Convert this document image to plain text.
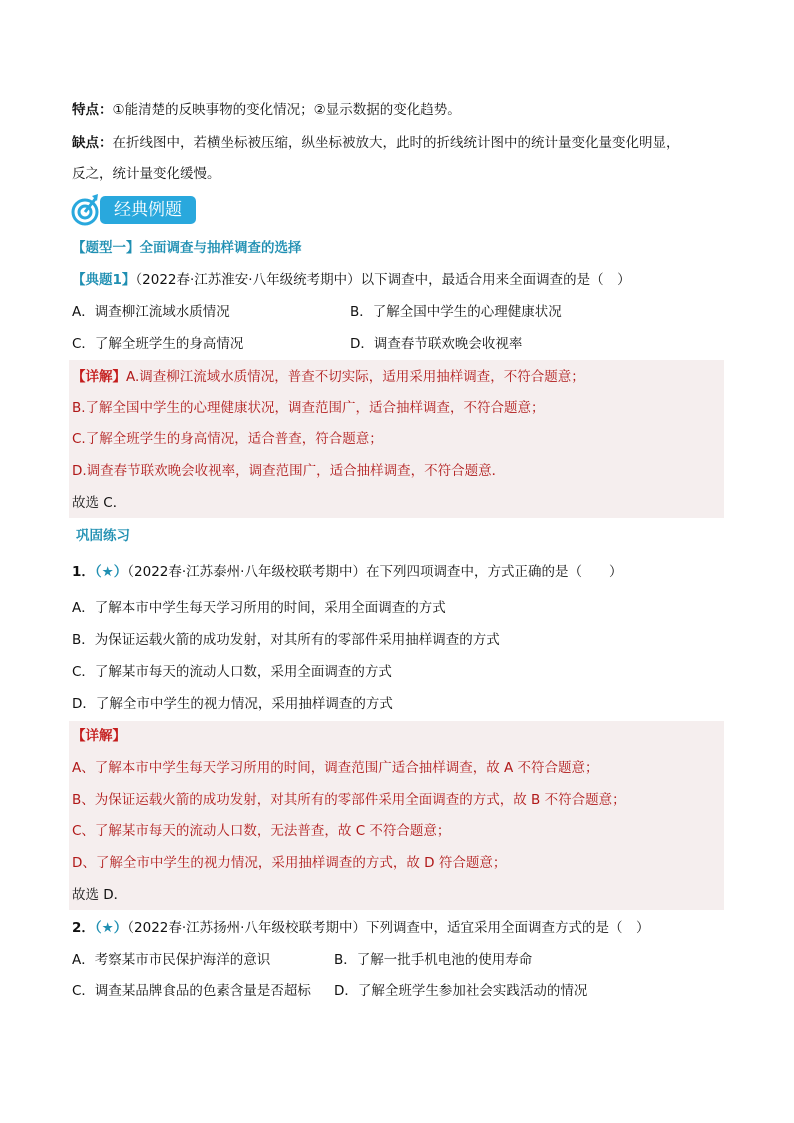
特点：①能清楚的反映事物的变化情况；②显示数据的变化趋势。
缺点：在折线图中，若横坐标被压缩，纵坐标被放大，此时的折线统计图中的统计量变化量变化明显，
反之，统计量变化缓慢。
经典例题
【题型一】全面调查与抽样调查的选择
【典题1】（2022春·江苏淮安·八年级统考期中）以下调查中，最适合用来全面调查的是（　）
A．调查柳江流域水质情况	B．了解全国中学生的心理健康状况
C．了解全班学生的身高情况	D．调查春节联欢晚会收视率
【详解】A.调查柳江流域水质情况，普查不切实际，适用采用抽样调查，不符合题意；
B.了解全国中学生的心理健康状况，调查范围广，适合抽样调查，不符合题意；
C.了解全班学生的身高情况，适合普查，符合题意；
D.调查春节联欢晚会收视率，调查范围广，适合抽样调查，不符合题意．
故选 C．
巩固练习
1．（★）（2022春·江苏泰州·八年级校联考期中）在下列四项调查中，方式正确的是（　　）
A．了解本市中学生每天学习所用的时间，采用全面调查的方式
B．为保证运载火箭的成功发射，对其所有的零部件采用抽样调查的方式
C．了解某市每天的流动人口数，采用全面调查的方式
D．了解全市中学生的视力情况，采用抽样调查的方式
【详解】
A、了解本市中学生每天学习所用的时间，调查范围广适合抽样调查，故 A 不符合题意；
B、为保证运载火箭的成功发射，对其所有的零部件采用全面调查的方式，故 B 不符合题意；
C、了解某市每天的流动人口数，无法普查，故 C 不符合题意；
D、了解全市中学生的视力情况，采用抽样调查的方式，故 D 符合题意；
故选 D．
2．（★）（2022春·江苏扬州·八年级校联考期中）下列调查中，适宜采用全面调查方式的是（　）
A．考察某市市民保护海洋的意识	B．了解一批手机电池的使用寿命
C．调查某品牌食品的色素含量是否超标 D．了解全班学生参加社会实践活动的情况
